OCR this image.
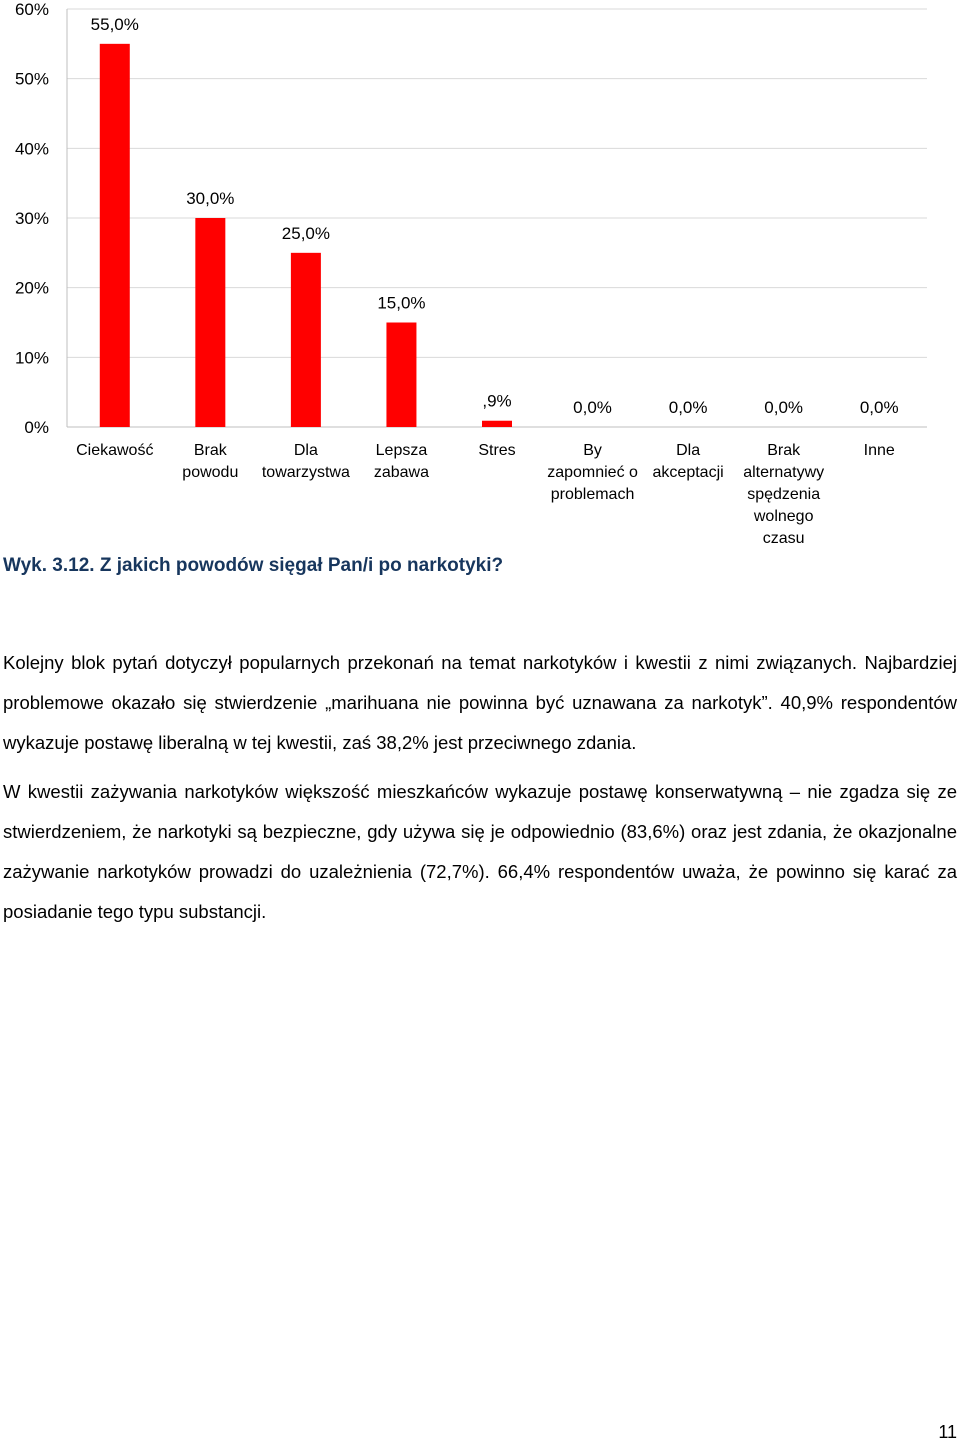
0%
10%
20%
30%
40%
50%
60%
55,0%
30,0%
25,0%
15,0%
,9%	0,0%	0,0%	0,0%	0,0%
Ciekawość	Brak
powodu
Dla
towarzystwa
Lepsza
zabawa
Stres	By
zapomnieć o
problemach
Dla
akceptacji
Brak
alternatywy
spędzenia
wolnego
czasu
Inne

Wyk. 3.12. Z jakich powodów sięgał Pan/i po narkotyki?

Kolejny blok pytań dotyczył popularnych przekonań na temat narkotyków i kwestii z nimi związanych. Najbardziej problemowe okazało się stwierdzenie „marihuana nie powinna być uznawana za narkotyk”. 40,9% respondentów wykazuje postawę liberalną w tej kwestii, zaś 38,2% jest przeciwnego zdania.

W kwestii zażywania narkotyków większość mieszkańców wykazuje postawę konserwatywną – nie zgadza się ze stwierdzeniem, że narkotyki są bezpieczne, gdy używa się je odpowiednio (83,6%) oraz jest zdania, że okazjonalne zażywanie narkotyków prowadzi do uzależnienia (72,7%). 66,4% respondentów uważa, że powinno się karać za posiadanie tego typu substancji.

11
